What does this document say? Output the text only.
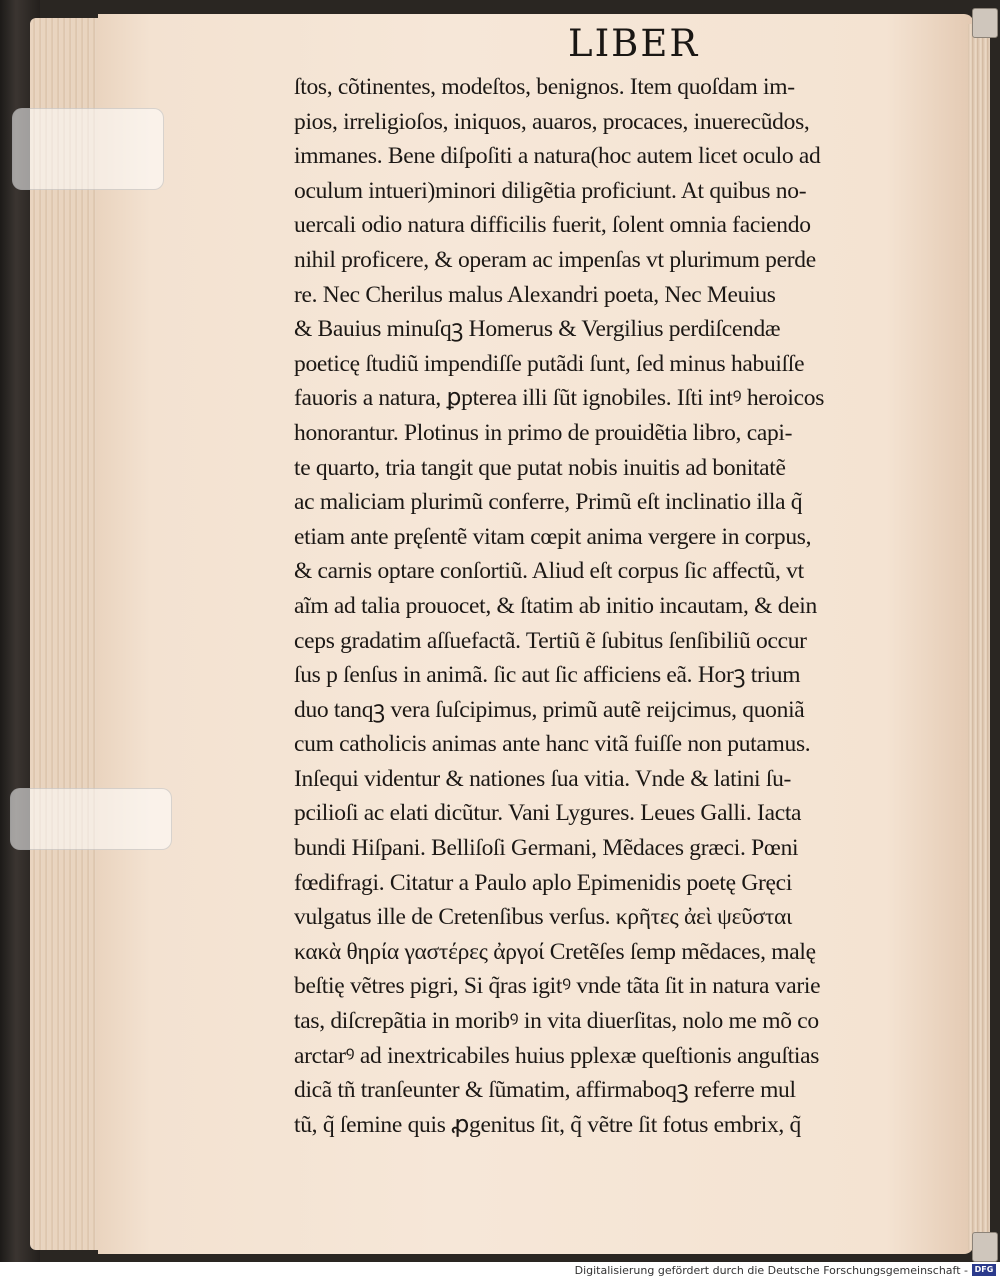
LIBER
ſtos, cõtinentes, modeſtos, benignos. Item quoſdam im-
pios, irreligioſos, iniquos, auaros, procaces, inuerecũdos,
immanes. Bene diſpoſiti a natura(hoc autem licet oculo ad
oculum intueri)minori diligẽtia proficiunt. At quibus no-
uercali odio natura difficilis fuerit, ſolent omnia faciendo
nihil proficere, & operam ac impenſas vt plurimum perde
re. Nec Cherilus malus Alexandri poeta, Nec Meuius
& Bauius minuſqꝫ Homerus & Vergilius perdiſcendæ
poeticę ſtudiũ impendiſſe putãdi ſunt, ſed minus habuiſſe
fauoris a natura, ꝑpterea illi ſũt ignobiles. Iſti intꝰ heroicos
honorantur. Plotinus in primo de prouidẽtia libro, capi-
te quarto, tria tangit que putat nobis inuitis ad bonitatẽ
ac maliciam plurimũ conferre, Primũ eſt inclinatio illa q̃
etiam ante pręſentẽ vitam cœpit anima vergere in corpus,
& carnis optare conſortiũ. Aliud eſt corpus ſic affectũ, vt
aĩm ad talia prouocet, & ſtatim ab initio incautam, & dein
ceps gradatim aſſuefactã. Tertiũ ẽ ſubitus ſenſibiliũ occur
ſus p ſenſus in animã. ſic aut ſic afficiens eã. Horꝫ trium
duo tanqꝫ vera ſuſcipimus, primũ autẽ reijcimus, quoniã
cum catholicis animas ante hanc vitã fuiſſe non putamus.
Inſequi videntur & nationes ſua vitia. Vnde & latini ſu-
pcilioſi ac elati dicũtur. Vani Lygures. Leues Galli. Iacta
bundi Hiſpani. Belliſoſi Germani, Mẽdaces græci. Pœni
fœdifragi. Citatur a Paulo aplo Epimenidis poetę Gręci
vulgatus ille de Cretenſibus verſus. κρῆτες ἀεὶ ψεῦσται
κακὰ θηρία γαστέρες ἀργοί Cretẽſes ſemp mẽdaces, malę
beſtię vẽtres pigri, Si q̃ras igitꝰ vnde tãta ſit in natura varie
tas, diſcrepãtia in moribꝰ in vita diuerſitas, nolo me mõ co
arctarꝰ ad inextricabiles huius pplexæ queſtionis anguſtias
dicã tñ tranſeunter & ſũmatim, affirmaboqꝫ referre mul
tũ, q̃ ſemine quis ꝓgenitus ſit, q̃ vẽtre ſit fotus embrix, q̃
Digitalisierung gefördert durch die Deutsche Forschungsgemeinschaft - DFG
